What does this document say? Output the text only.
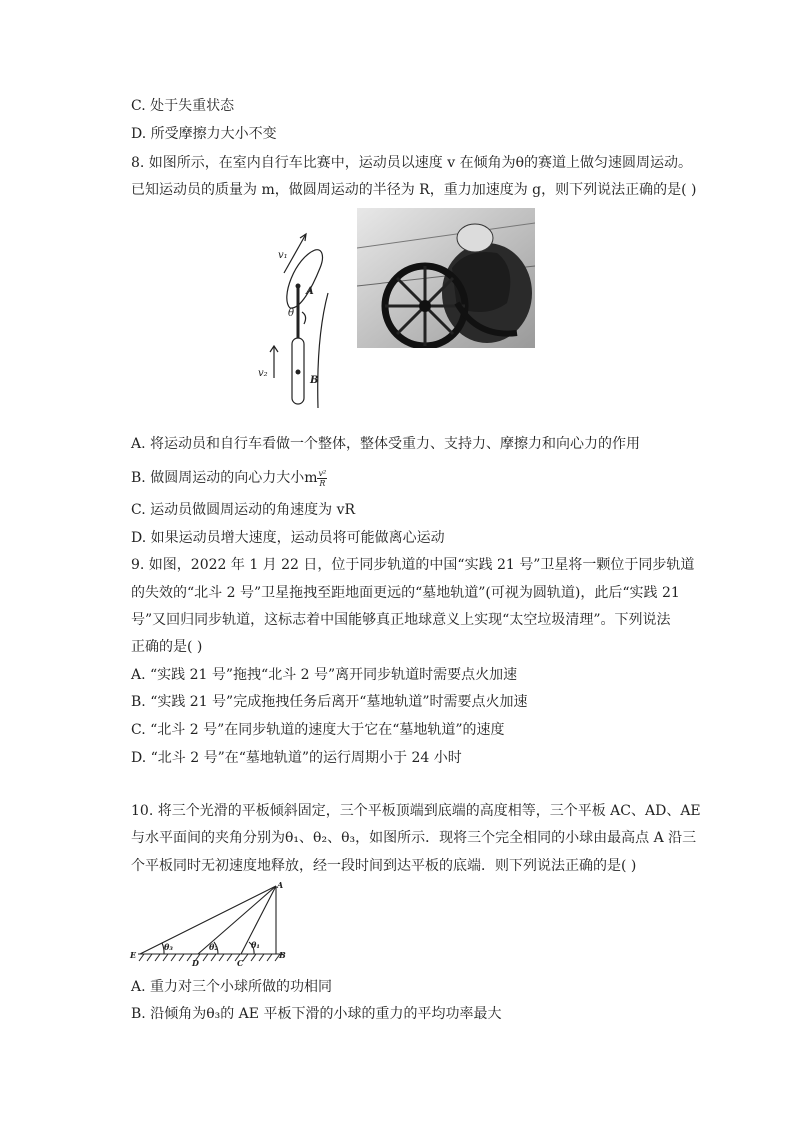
C. 处于失重状态
D. 所受摩擦力大小不变
8. 如图所示，在室内自行车比赛中，运动员以速度 v 在倾角为θ的赛道上做匀速圆周运动。
已知运动员的质量为 m，做圆周运动的半径为 R，重力加速度为 g，则下列说法正确的是( )
v₁
A
θ
v₂
B
A. 将运动员和自行车看做一个整体，整体受重力、支持力、摩擦力和向心力的作用
B. 做圆周运动的向心力大小m $\frac{\text{v²}}{R}$
C. 运动员做圆周运动的角速度为 vR
D. 如果运动员增大速度，运动员将可能做离心运动
9. 如图，2022 年 1 月 22 日，位于同步轨道的中国“实践 21 号”卫星将一颗位于同步轨道
的失效的“北斗 2 号”卫星拖拽至距地面更远的“墓地轨道”(可视为圆轨道)，此后“实践 21
号”又回归同步轨道，这标志着中国能够真正地球意义上实现“太空垃圾清理”。下列说法
正确的是( )
A. “实践 21 号”拖拽“北斗 2 号”离开同步轨道时需要点火加速
B. “实践 21 号”完成拖拽任务后离开“墓地轨道”时需要点火加速
C. “北斗 2 号”在同步轨道的速度大于它在“墓地轨道”的速度
D. “北斗 2 号”在“墓地轨道”的运行周期小于 24 小时
10. 将三个光滑的平板倾斜固定，三个平板顶端到底端的高度相等，三个平板 AC、AD、AE
与水平面间的夹角分别为θ₁、θ₂、θ₃，如图所示．现将三个完全相同的小球由最高点 A 沿三
个平板同时无初速度地释放，经一段时间到达平板的底端．则下列说法正确的是( )
A
E
D	C
B
θ₃	θ₂	θ₁
A. 重力对三个小球所做的功相同
B. 沿倾角为θ₃的 AE 平板下滑的小球的重力的平均功率最大
